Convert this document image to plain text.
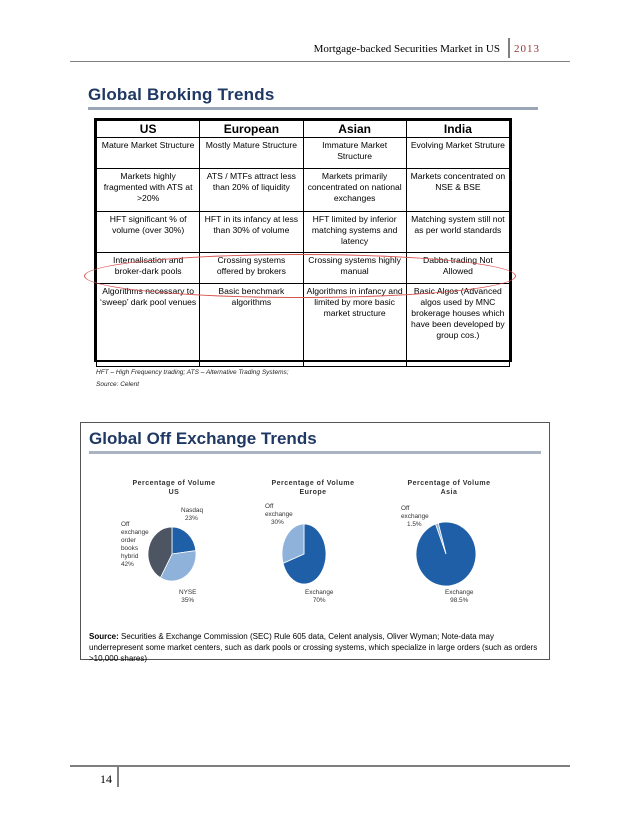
Mortgage-backed Securities Market in US 2013
Global Broking Trends
US	European	Asian	India
Mature Market Structure	Mostly Mature Structure	Immature Market Structure	Evolving Market Struture
Markets highly fragmented with ATS at >20%	ATS / MTFs attract less than 20% of liquidity	Markets primarily concentrated on national exchanges	Markets concentrated on NSE & BSE
HFT significant % of volume (over 30%)	HFT in its infancy at less than 30% of volume	HFT limited by inferior matching systems and latency	Matching system still not as per world standards
Internalisation and broker-dark pools	Crossing systems offered by brokers	Crossing systems highly manual	Dabba trading Not Allowed
Algorithms necessary to ‘sweep’ dark pool venues	Basic benchmark algorithms	Algorithms in infancy and limited by more basic market structure	Basic Algos (Advanced algos used by MNC brokerage houses which have been developed by group cos.)
HFT – High Frequency trading; ATS – Alternative Trading Systems;
Source: Celent
Global Off Exchange Trends
Percentage of Volume
US
Nasdaq
23%
Off
exchange
order
books
hybrid
42%
NYSE
35%
Percentage of Volume
Europe
Off
exchange
30%
Exchange
70%
Percentage of Volume
Asia
Off
exchange
1.5%
Exchange
98.5%
Source: Securities & Exchange Commission (SEC) Rule 605 data, Celent analysis, Oliver Wyman; Note-data may underrepresent some market centers, such as dark pools or crossing systems, which specialize in large orders (such as orders >10,000 shares)
14
